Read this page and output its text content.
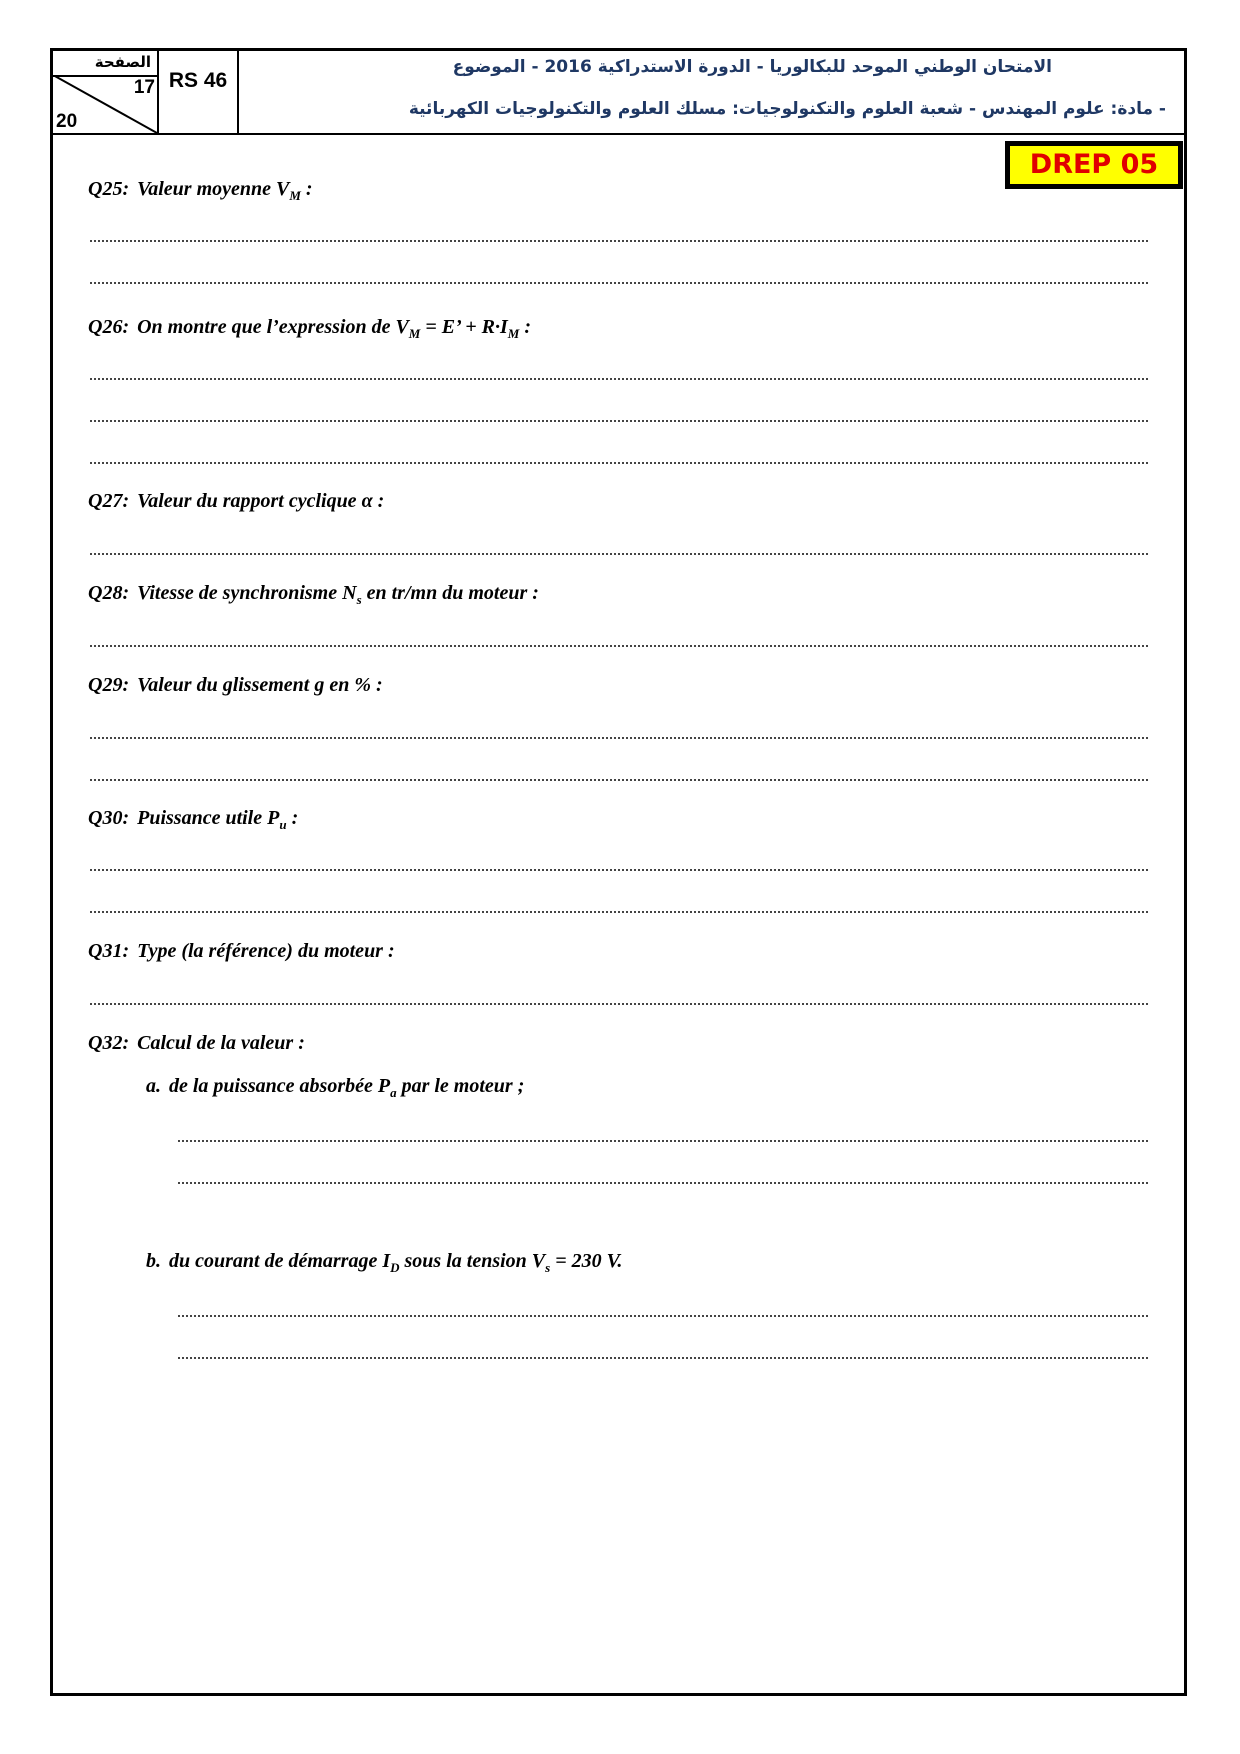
الصفحة
17
20
RS 46
الامتحان الوطني الموحد للبكالوريا - الدورة الاستدراكية 2016 - الموضوع
- مادة: علوم المهندس - شعبة العلوم والتكنولوجيات: مسلك العلوم والتكنولوجيات الكهربائية
DREP 05
Q25: Valeur moyenne $V_M$ :
Q26: On montre que l’expression de $V_M = E$’ + $R\cdot I_M$ :
Q27: Valeur du rapport cyclique α :
Q28: Vitesse de synchronisme $N_s$ en tr/mn du moteur :
Q29: Valeur du glissement g en % :
Q30: Puissance utile $P_u$ :
Q31: Type (la référence) du moteur :
Q32: Calcul de la valeur :
a. de la puissance absorbée $P_a$ par le moteur ;
b. du courant de démarrage $I_D$ sous la tension $V_s = 230$ V.
